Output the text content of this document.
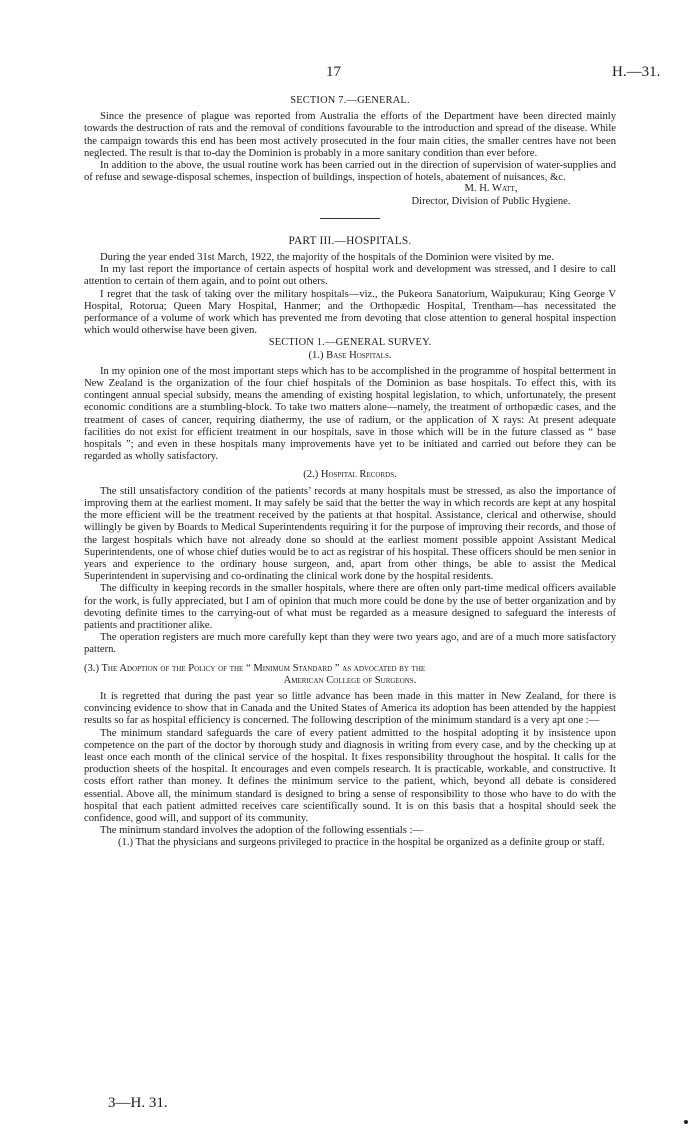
17	H.—31.
SECTION 7.—GENERAL.

Since the presence of plague was reported from Australia the efforts of the Department have been directed mainly towards the destruction of rats and the removal of conditions favourable to the introduction and spread of the disease. While the campaign towards this end has been most actively prosecuted in the four main cities, the smaller centres have not been neglected. The result is that to-day the Dominion is probably in a more sanitary condition than ever before.

In addition to the above, the usual routine work has been carried out in the direction of supervision of water-supplies and of refuse and sewage-disposal schemes, inspection of buildings, inspection of hotels, abatement of nuisances, &c.

M. H. Watt,
Director, Division of Public Hygiene.
PART III.—HOSPITALS.

During the year ended 31st March, 1922, the majority of the hospitals of the Dominion were visited by me.

In my last report the importance of certain aspects of hospital work and development was stressed, and I desire to call attention to certain of them again, and to point out others.

I regret that the task of taking over the military hospitals—viz., the Pukeora Sanatorium, Waipukurau; King George V Hospital, Rotorua; Queen Mary Hospital, Hanmer; and the Orthopædic Hospital, Trentham—has necessitated the performance of a volume of work which has prevented me from devoting that close attention to general hospital inspection which would otherwise have been given.

SECTION 1.—GENERAL SURVEY.
(1.) Base Hospitals.

In my opinion one of the most important steps which has to be accomplished in the programme of hospital betterment in New Zealand is the organization of the four chief hospitals of the Dominion as base hospitals. To effect this, with its contingent annual special subsidy, means the amending of existing hospital legislation, to which, unfortunately, the present economic conditions are a stumbling-block. To take two matters alone—namely, the treatment of orthopædic cases, and the treatment of cases of cancer, requiring diathermy, the use of radium, or the application of X rays: At present adequate facilities do not exist for efficient treatment in our hospitals, save in those which will be in the future classed as “ base hospitals ”; and even in these hospitals many improvements have yet to be initiated and carried out before they can be regarded as wholly satisfactory.

(2.) Hospital Records.

The still unsatisfactory condition of the patients’ records at many hospitals must be stressed, as also the importance of improving them at the earliest moment. It may safely be said that the better the way in which records are kept at any hospital the more efficient will be the treatment received by the patients at that hospital. Assistance, clerical and otherwise, should willingly be given by Boards to Medical Superintendents requiring it for the purpose of improving their records, and those of the largest hospitals which have not already done so should at the earliest moment possible appoint Assistant Medical Superintendents, one of whose chief duties would be to act as registrar of his hospital. These officers should be men senior in years and experience to the ordinary house surgeon, and, apart from other things, be able to assist the Medical Superintendent in supervising and co-ordinating the clinical work done by the hospital residents.

The difficulty in keeping records in the smaller hospitals, where there are often only part-time medical officers available for the work, is fully appreciated, but I am of opinion that much more could be done by the use of better organization and by devoting definite times to the carrying-out of what must be regarded as a measure designed to safeguard the interests of patients and practitioner alike.

The operation registers are much more carefully kept than they were two years ago, and are of a much more satisfactory pattern.

(3.) The Adoption of the Policy of the “ Minimum Standard ” as advocated by the
American College of Surgeons.

It is regretted that during the past year so little advance has been made in this matter in New Zealand, for there is convincing evidence to show that in Canada and the United States of America its adoption has been attended by the happiest results so far as hospital efficiency is concerned. The following description of the minimum standard is a very apt one :—

The minimum standard safeguards the care of every patient admitted to the hospital adopting it by insistence upon competence on the part of the doctor by thorough study and diagnosis in writing from every case, and by the checking up at least once each month of the clinical service of the hospital. It fixes responsibility throughout the hospital. It calls for the production sheets of the hospital. It encourages and even compels research. It is practicable, workable, and constructive. It costs effort rather than money. It defines the minimum service to the patient, which, beyond all debate is considered essential. Above all, the minimum standard is designed to bring a sense of responsibility to those who have to do with the hospital that each patient admitted receives care scientifically sound. It is on this basis that a hospital should seek the confidence, good will, and support of its community.

The minimum standard involves the adoption of the following essentials :—

(1.) That the physicians and surgeons privileged to practice in the hospital be organized as a definite group or staff.
3—H. 31.
